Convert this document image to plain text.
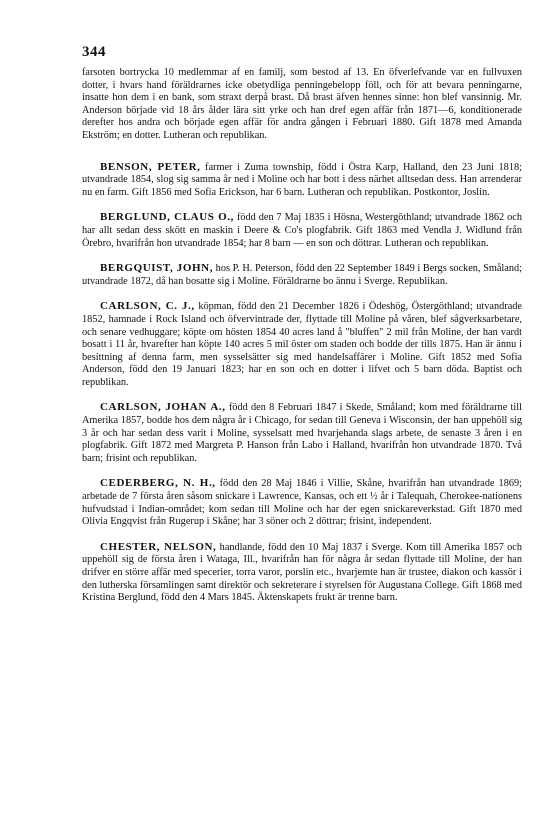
344

farsoten bortrycka 10 medlemmar af en familj, som bestod af 13. En öfverlefvande var en fullvuxen dotter, i hvars hand föräldrarnes icke obetydliga penningebelopp föll, och för att bevara penningarne, insatte hon dem i en bank, som straxt derpå brast. Då brast äfven hennes sinne: hon blef vansinnig. Mr. Anderson började vid 18 års ålder lära sitt yrke och han dref egen affär från 1871—6, konditionerade derefter hos andra och började egen affär för andra gången i Februari 1880. Gift 1878 med Amanda Ekström; en dotter. Lutheran och republikan.

BENSON, PETER, farmer i Zuma township, född i Östra Karp, Halland, den 23 Juni 1818; utvandrade 1854, slog sig samma år ned i Moline och har bott i dess närhet alltsedan dess. Han arrenderar nu en farm. Gift 1856 med Sofia Erickson, har 6 barn. Lutheran och republikan. Postkontor, Joslin.

BERGLUND, CLAUS O., född den 7 Maj 1835 i Hösna, Westergöthland; utvandrade 1862 och har allt sedan dess skött en maskin i Deere & Co's plogfabrik. Gift 1863 med Vendla J. Widlund från Örebro, hvarifrån hon utvandrade 1854; har 8 barn — en son och döttrar. Lutheran och republikan.

BERGQUIST, JOHN, hos P. H. Peterson, född den 22 September 1849 i Bergs socken, Småland; utvandrade 1872, då han bosatte sig i Moline. Föräldrarne bo ännu i Sverge. Republikan.

CARLSON, C. J., köpman, född den 21 December 1826 i Ödeshög, Östergöthland; utvandrade 1852, hamnade i Rock Island och öfvervintrade der, flyttade till Moline på våren, blef sågverksarbetare, och senare vedhuggare; köpte om hösten 1854 40 acres land å "bluffen" 2 mil från Moline, der han vardt bosatt i 11 år, hvarefter han köpte 140 acres 5 mil öster om staden och bodde der tills 1875. Han är ännu i besittning af denna farm, men sysselsätter sig med handelsaffärer i Moline. Gift 1852 med Sofia Anderson, född den 19 Januari 1823; har en son och en dotter i lifvet och 5 barn döda. Baptist och republikan.

CARLSON, JOHAN A., född den 8 Februari 1847 i Skede, Småland; kom med föräldrarne till Amerika 1857, bodde hos dem några år i Chicago, for sedan till Geneva i Wisconsin, der han uppehöll sig 3 år och har sedan dess varit i Moline, sysselsatt med hvarjehanda slags arbete, de senaste 3 åren i en plogfabrik. Gift 1872 med Margreta P. Hanson från Labo i Halland, hvarifrån hon utvandrade 1870. Två barn; frisint och republikan.

CEDERBERG, N. H., född den 28 Maj 1846 i Villie, Skåne, hvarifrån han utvandrade 1869; arbetade de 7 första åren såsom snickare i Lawrence, Kansas, och ett ½ år i Talequah, Cherokee-nationens hufvudstad i Indian-området; kom sedan till Moline och har der egen snickareverkstad. Gift 1870 med Olivia Engqvist från Rugerup i Skåne; har 3 söner och 2 döttrar; frisint, independent.

CHESTER, NELSON, handlande, född den 10 Maj 1837 i Sverge. Kom till Amerika 1857 och uppehöll sig de första åren i Wataga, Ill., hvarifrån han för några år sedan flyttade till Moline, der han drifver en större affär med specerier, torra varor, porslin etc., hvarjemte han är trustee, diakon och kassör i den lutherska församlingen samt direktör och sekreterare i styrelsen för Augustana College. Gift 1868 med Kristina Berglund, född den 4 Mars 1845. Äktenskapets frukt är trenne barn.
